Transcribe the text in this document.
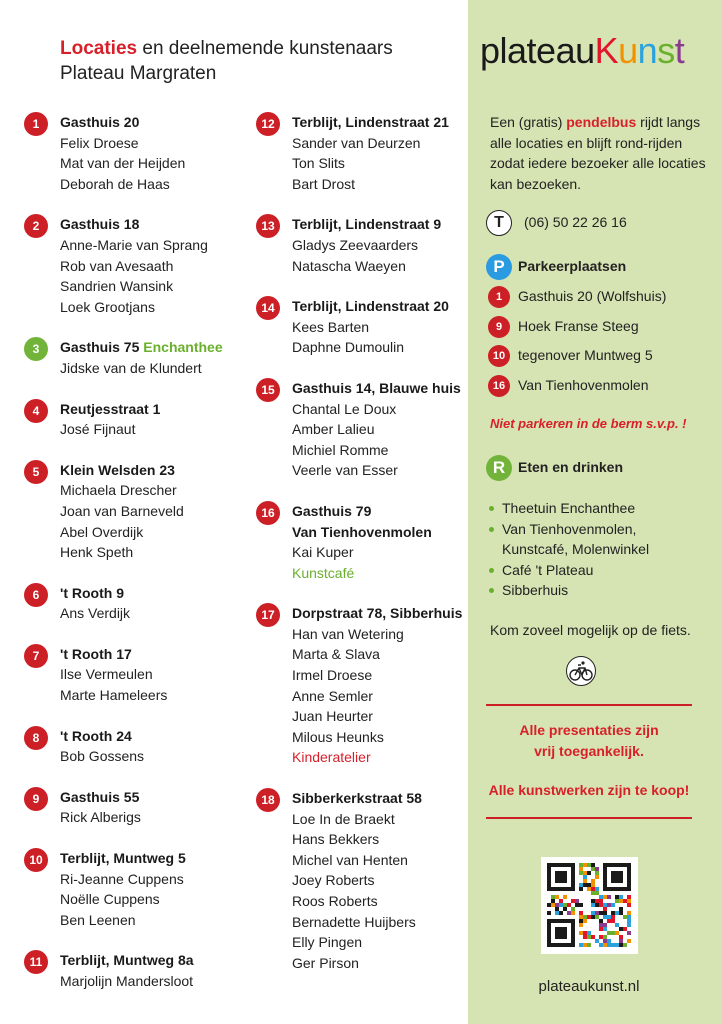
Locaties en deelnemende kunstenaars
Plateau Margraten
1	Gasthuis 20
Felix Droese
Mat van der Heijden
Deborah de Haas
2	Gasthuis 18
Anne-Marie van Sprang
Rob van Avesaath
Sandrien Wansink
Loek Grootjans
3	Gasthuis 75 Enchanthee
Jidske van de Klundert
4	Reutjesstraat 1
José Fijnaut
5	Klein Welsden 23
Michaela Drescher
Joan van Barneveld
Abel Overdijk
Henk Speth
6	't Rooth 9
Ans Verdijk
7	't Rooth 17
Ilse Vermeulen
Marte Hameleers
8	't Rooth 24
Bob Gossens
9	Gasthuis 55
Rick Alberigs
10	Terblijt, Muntweg 5
Ri-Jeanne Cuppens
Noëlle Cuppens
Ben Leenen
11	Terblijt, Muntweg 8a
Marjolijn Mandersloot
12	Terblijt, Lindenstraat 21
Sander van Deurzen
Ton Slits
Bart Drost
13	Terblijt, Lindenstraat 9
Gladys Zeevaarders
Natascha Waeyen
14	Terblijt, Lindenstraat 20
Kees Barten
Daphne Dumoulin
15	Gasthuis 14, Blauwe huis
Chantal Le Doux
Amber Lalieu
Michiel Romme
Veerle van Esser
16	Gasthuis 79
Van Tienhovenmolen
Kai Kuper
Kunstcafé
17	Dorpstraat 78, Sibberhuis
Han van Wetering
Marta & Slava
Irmel Droese
Anne Semler
Juan Heurter
Milous Heunks
Kinderatelier
18	Sibberkerkstraat 58
Loe In de Braekt
Hans Bekkers
Michel van Henten
Joey Roberts
Roos Roberts
Bernadette Huijbers
Elly Pingen
Ger Pirson
plateauKunst
Een (gratis) pendelbus rijdt langs alle locaties en blijft rond-rijden zodat iedere bezoeker alle locaties kan bezoeken.
T (06) 50 22 26 16
P Parkeerplaatsen
1 Gasthuis 20 (Wolfshuis)
9 Hoek Franse Steeg
10 tegenover Muntweg 5
16 Van Tienhovenmolen
Niet parkeren in de berm s.v.p. !
R Eten en drinken
Theetuin Enchanthee
Van Tienhovenmolen,
Kunstcafé, Molenwinkel
Café 't Plateau
Sibberhuis
Kom zoveel mogelijk op de fiets.
Alle presentaties zijn
vrij toegankelijk.
Alle kunstwerken zijn te koop!
plateaukunst.nl
